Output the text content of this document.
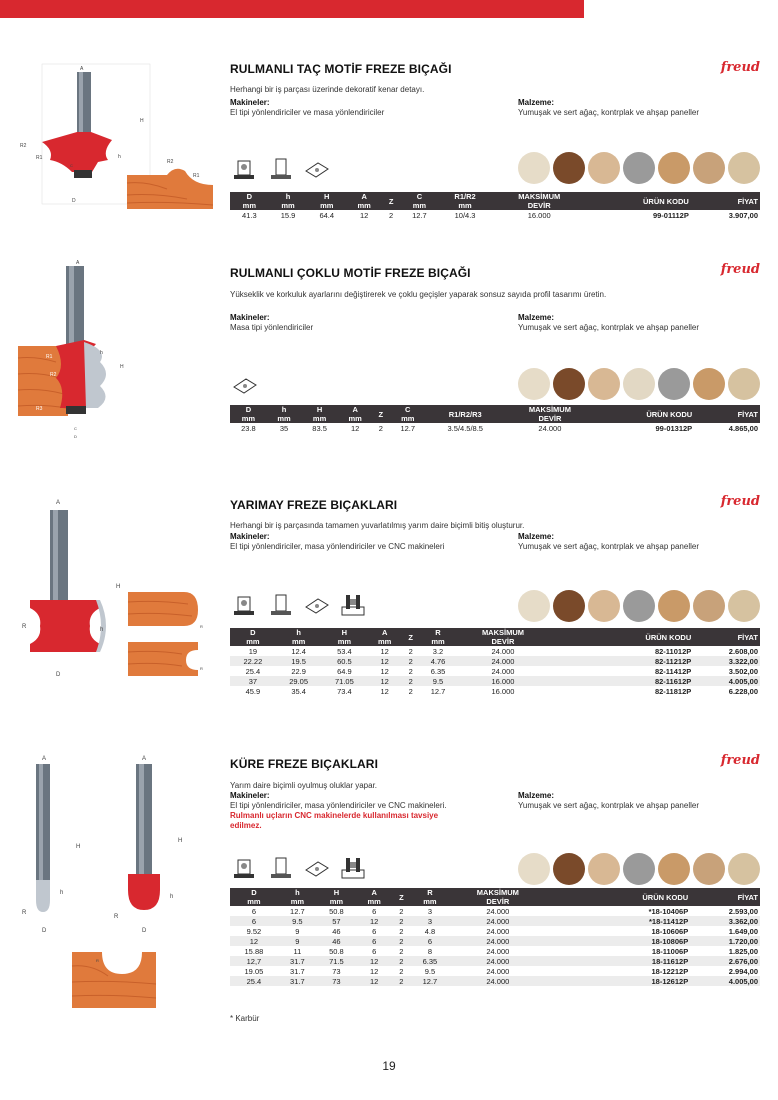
A
H
R2
R1
C
D
h
R2
R1
RULMANLI TAÇ MOTİF FREZE BIÇAĞI	freud
Herhangi bir iş parçası üzerinde dekoratif kenar detayı.
Makineler:
El tipi yönlendiriciler ve masa yönlendiriciler
Malzeme:
Yumuşak ve sert ağaç, kontrplak ve ahşap paneller
D
mm	h
mm	H
mm	A
mm	Z	C
mm	R1/R2
mm	MAKSİMUM
DEVİR	ÜRÜN KODU	FİYAT
41.3	15.9	64.4	12	2	12.7	10/4.3	16.000	99-01112P	3.907,00
A
H
R1
R2
R3
h
C
D
RULMANLI ÇOKLU MOTİF FREZE BIÇAĞI	freud
Yükseklik ve korkuluk ayarlarını değiştirerek ve çoklu geçişler yaparak sonsuz sayıda profil tasarımı üretin.
Makineler:
Masa tipi yönlendiriciler
Malzeme:
Yumuşak ve sert ağaç, kontrplak ve ahşap paneller
D
mm	h
mm	H
mm	A
mm	Z	C
mm	R1/R2/R3	MAKSİMUM
DEVİR	ÜRÜN KODU	FİYAT
23.8	35	83.5	12	2	12.7	3.5/4.5/8.5	24.000	99-01312P	4.865,00
A
H
h
R
D
R
R
YARIMAY FREZE BIÇAKLARI	freud
Herhangi bir iş parçasında tamamen yuvarlatılmış yarım daire biçimli bitiş oluşturur.
Makineler:
El tipi yönlendiriciler, masa yönlendiriciler ve CNC makineleri
Malzeme:
Yumuşak ve sert ağaç, kontrplak ve ahşap paneller
D
mm	h
mm	H
mm	A
mm	Z	R
mm	MAKSİMUM
DEVİR	ÜRÜN KODU	FİYAT
19	12.4	53.4	12	2	3.2	24.000	82-11012P	2.608,00
22.22	19.5	60.5	12	2	4.76	24.000	82-11212P	3.322,00
25.4	22.9	64.9	12	2	6.35	24.000	82-11412P	3.502,00
37	29.05	71.05	12	2	9.5	16.000	82-11612P	4.005,00
45.9	35.4	73.4	12	2	12.7	16.000	82-11812P	6.228,00
A
H
h
R
D
A
H
h
R
D
R
KÜRE FREZE BIÇAKLARI	freud
Yarım daire biçimli oyulmuş oluklar yapar.
Makineler:
El tipi yönlendiriciler, masa yönlendiriciler ve CNC makineleri. Rulmanlı uçların CNC makinelerde kullanılması tavsiye edilmez.
Malzeme:
Yumuşak ve sert ağaç, kontrplak ve ahşap paneller
D
mm	h
mm	H
mm	A
mm	Z	R
mm	MAKSİMUM
DEVİR	ÜRÜN KODU	FİYAT
6	12.7	50.8	6	2	3	24.000	*18-10406P	2.593,00
6	9.5	57	12	2	3	24.000	*18-11412P	3.362,00
9.52	9	46	6	2	4.8	24.000	18-10606P	1.649,00
12	9	46	6	2	6	24.000	18-10806P	1.720,00
15.88	11	50.8	6	2	8	24.000	18-11006P	1.825,00
12,7	31.7	71.5	12	2	6.35	24.000	18-11612P	2.676,00
19.05	31.7	73	12	2	9.5	24.000	18-12212P	2.994,00
25.4	31.7	73	12	2	12.7	24.000	18-12612P	4.005,00
* Karbür
19
